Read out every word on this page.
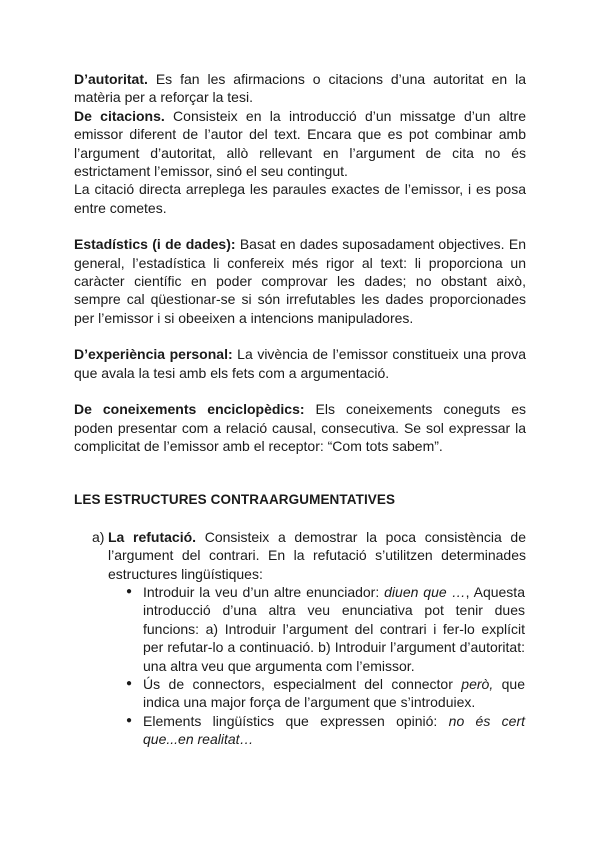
D’autoritat. Es fan les afirmacions o citacions d’una autoritat en la matèria per a reforçar la tesi.

De citacions. Consisteix en la introducció d’un missatge d’un altre emissor diferent de l’autor del text. Encara que es pot combinar amb l’argument d’autoritat, allò rellevant en l’argument de cita no és estrictament l’emissor, sinó el seu contingut.

La citació directa arreplega les paraules exactes de l’emissor, i es posa entre cometes.

Estadístics (i de dades): Basat en dades suposadament objectives. En general, l’estadística li confereix més rigor al text: li proporciona un caràcter científic en poder comprovar les dades; no obstant això, sempre cal qüestionar-se si són irrefutables les dades proporcionades per l’emissor i si obeeixen a intencions manipuladores.

D’experiència personal: La vivència de l’emissor constitueix una prova que avala la tesi amb els fets com a argumentació.

De coneixements enciclopèdics: Els coneixements coneguts es poden presentar com a relació causal, consecutiva. Se sol expressar la complicitat de l’emissor amb el receptor: “Com tots sabem”.

LES ESTRUCTURES CONTRAARGUMENTATIVES
a) La refutació. Consisteix a demostrar la poca consistència de l’argument del contrari. En la refutació s’utilitzen determinades estructures lingüístiques:

● Introduir la veu d’un altre enunciador: diuen que …, Aquesta introducció d’una altra veu enunciativa pot tenir dues funcions: a) Introduir l’argument del contrari i fer-lo explícit per refutar-lo a continuació. b) Introduir l’argument d’autoritat: una altra veu que argumenta com l’emissor.
● Ús de connectors, especialment del connector però, que indica una major força de l’argument que s’introduiex.
● Elements lingüístics que expressen opinió: no és cert que...en realitat…
